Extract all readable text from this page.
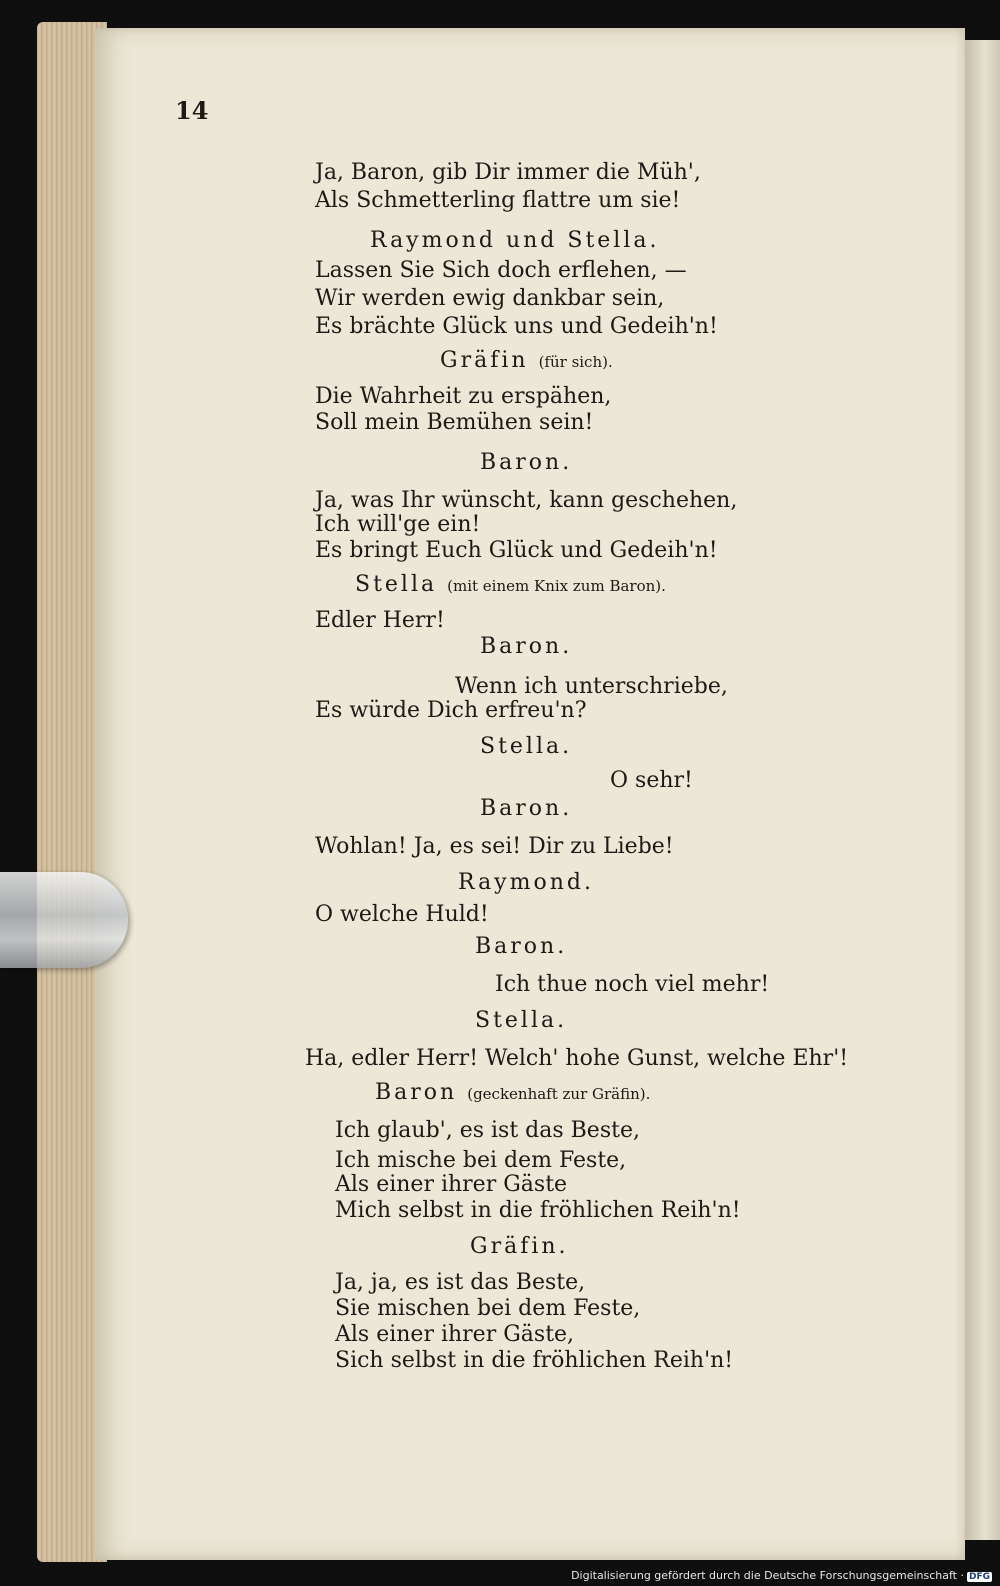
14
Ja, Baron, gib Dir immer die Müh',
Als Schmetterling flattre um sie!
Raymond und Stella.
Lassen Sie Sich doch erflehen, —
Wir werden ewig dankbar sein,
Es brächte Glück uns und Gedeih'n!
Gräfin (für sich).
Die Wahrheit zu erspähen,
Soll mein Bemühen sein!
Baron.
Ja, was Ihr wünscht, kann geschehen,
Ich will'ge ein!
Es bringt Euch Glück und Gedeih'n!
Stella (mit einem Knix zum Baron).
Edler Herr!
Baron.
Wenn ich unterschriebe,
Es würde Dich erfreu'n?
Stella.
O sehr!
Baron.
Wohlan! Ja, es sei! Dir zu Liebe!
Raymond.
O welche Huld!
Baron.
Ich thue noch viel mehr!
Stella.
Ha, edler Herr! Welch' hohe Gunst, welche Ehr'!
Baron (geckenhaft zur Gräfin).
Ich glaub', es ist das Beste,
Ich mische bei dem Feste,
Als einer ihrer Gäste
Mich selbst in die fröhlichen Reih'n!
Gräfin.
Ja, ja, es ist das Beste,
Sie mischen bei dem Feste,
Als einer ihrer Gäste,
Sich selbst in die fröhlichen Reih'n!
Digitalisierung gefördert durch die Deutsche Forschungsgemeinschaft · DFG
